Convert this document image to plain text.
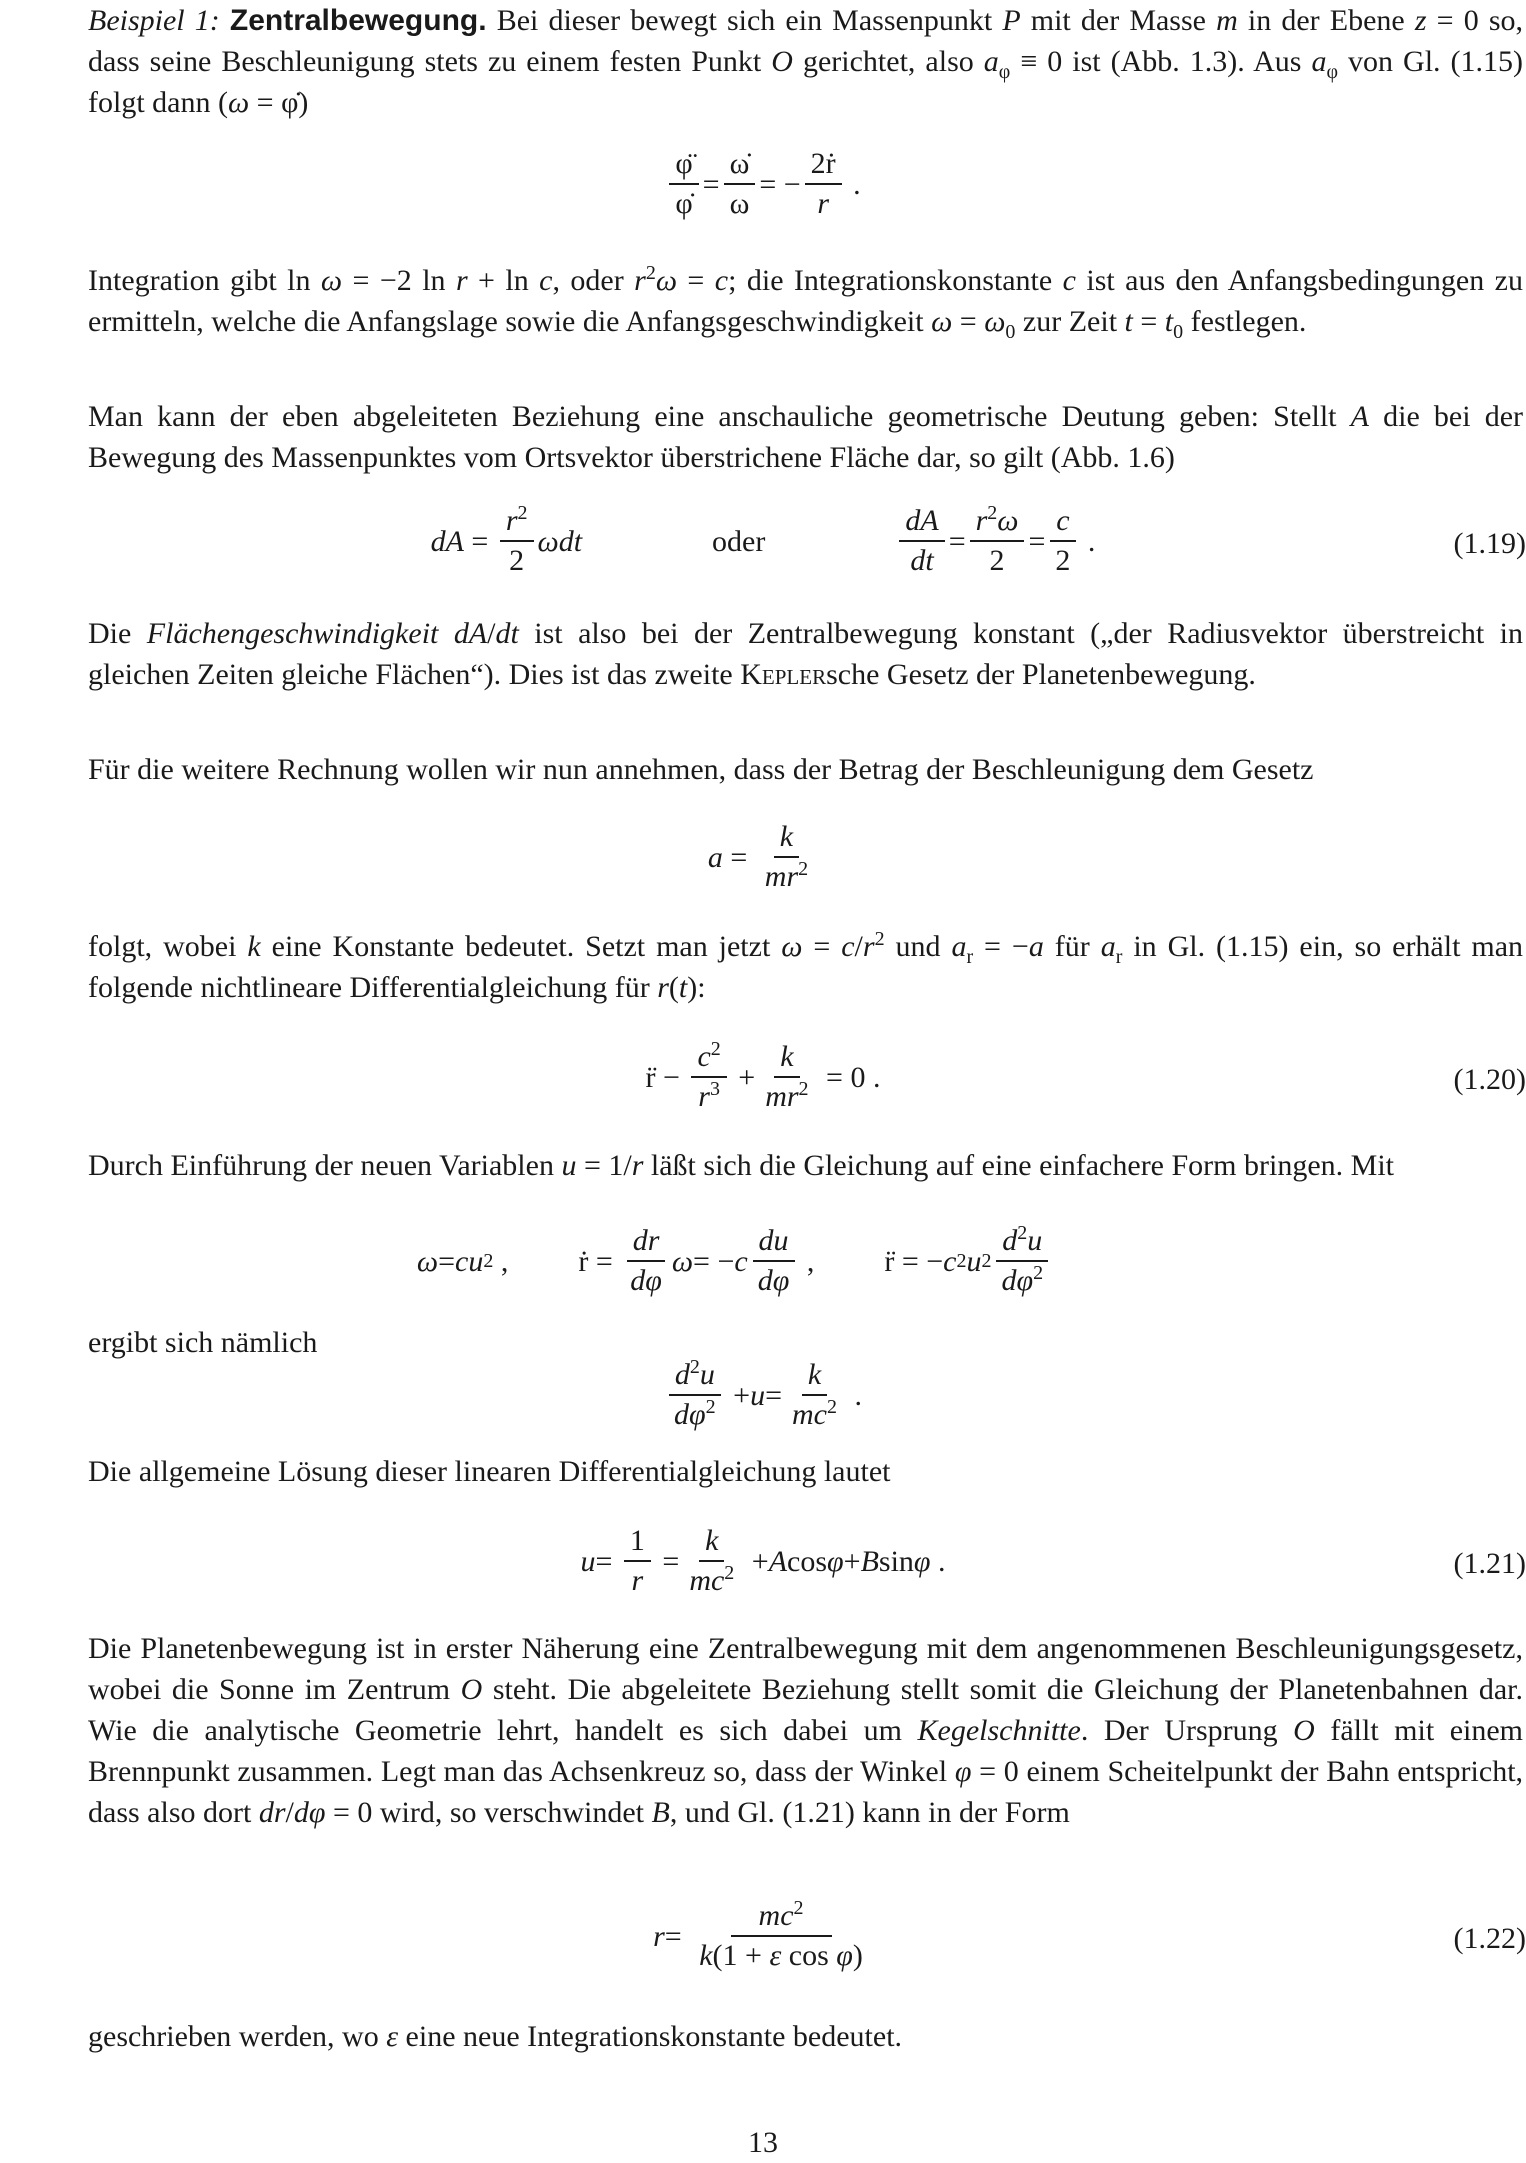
Beispiel 1: Zentralbewegung. Bei dieser bewegt sich ein Massenpunkt P mit der Masse m in der Ebene z = 0 so, dass seine Beschleunigung stets zu einem festen Punkt O gerichtet, also $a_\varphi \equiv 0$ ist (Abb. 1.3). Aus $a_\varphi$ von Gl. (1.15) folgt dann (ω = φ̇)

$\frac{\varphï}{\varphi̇} = \frac{\omegȧ}{\omega}$ = − $\frac{\text{2ṙ}}{r}$ .

Integration gibt ln ω = −2 ln r + ln c, oder $r^2\omega = c$; die Integrationskonstante c ist aus den Anfangsbedingungen zu ermitteln, welche die Anfangslage sowie die Anfangsgeschwindigkeit $\omega = \omega_0$ zur Zeit $t = t_0$ festlegen.

Man kann der eben abgeleiteten Beziehung eine anschauliche geometrische Deutung geben: Stellt A die bei der Bewegung des Massenpunktes vom Ortsvektor überstrichene Fläche dar, so gilt (Abb. 1.6)

dA = $\frac{r^2}{2}$ ωdt	oder	$\frac{dA}{dt} = \frac{r^2\omega}{2} = \frac{c}{2}$ .	(1.19)

Die Flächengeschwindigkeit dA/dt ist also bei der Zentralbewegung konstant („der Radiusvektor überstreicht in gleichen Zeiten gleiche Flächen“). Dies ist das zweite Keplersche Gesetz der Planetenbewegung.

Für die weitere Rechnung wollen wir nun annehmen, dass der Betrag der Beschleunigung dem Gesetz

$a = \frac{k}{mr^2}$

folgt, wobei k eine Konstante bedeutet. Setzt man jetzt $\omega = c/r^2$ und $a_r = -a$ für $a_r$ in Gl. (1.15) ein, so erhält man folgende nichtlineare Differentialgleichung für r(t):

r̈ − $\frac{c^2}{r^3} + \frac{k}{mr^2} = 0$ .	(1.20)

Durch Einführung der neuen Variablen u = 1/r läßt sich die Gleichung auf eine einfachere Form bringen. Mit

ω = cu 2 ,
ṙ = $\frac{dr}{d\varphi}$ ω = − c $\frac{du}{d\varphi}$ ,
r̈ = − c 2 u $2 \frac{d^2u}{d\varphi^2}$

ergibt sich nämlich

$\frac{d^2u}{d\varphi^2} + u = \frac{k}{mc^2}$ .

Die allgemeine Lösung dieser linearen Differentialgleichung lautet

$u = \frac{1}{r} = \frac{k}{mc^2} + A$ cos φ + B sin φ .	(1.21)

Die Planetenbewegung ist in erster Näherung eine Zentralbewegung mit dem angenommenen Beschleunigungsgesetz, wobei die Sonne im Zentrum O steht. Die abgeleitete Beziehung stellt somit die Gleichung der Planetenbahnen dar. Wie die analytische Geometrie lehrt, handelt es sich dabei um Kegelschnitte. Der Ursprung O fällt mit einem Brennpunkt zusammen. Legt man das Achsenkreuz so, dass der Winkel φ = 0 einem Scheitelpunkt der Bahn entspricht, dass also dort dr/dφ = 0 wird, so verschwindet B, und Gl. (1.21) kann in der Form

$r = \frac{mc^2}{\text{k(1 + ε cos φ)}}$	(1.22)

geschrieben werden, wo ε eine neue Integrationskonstante bedeutet.

13
